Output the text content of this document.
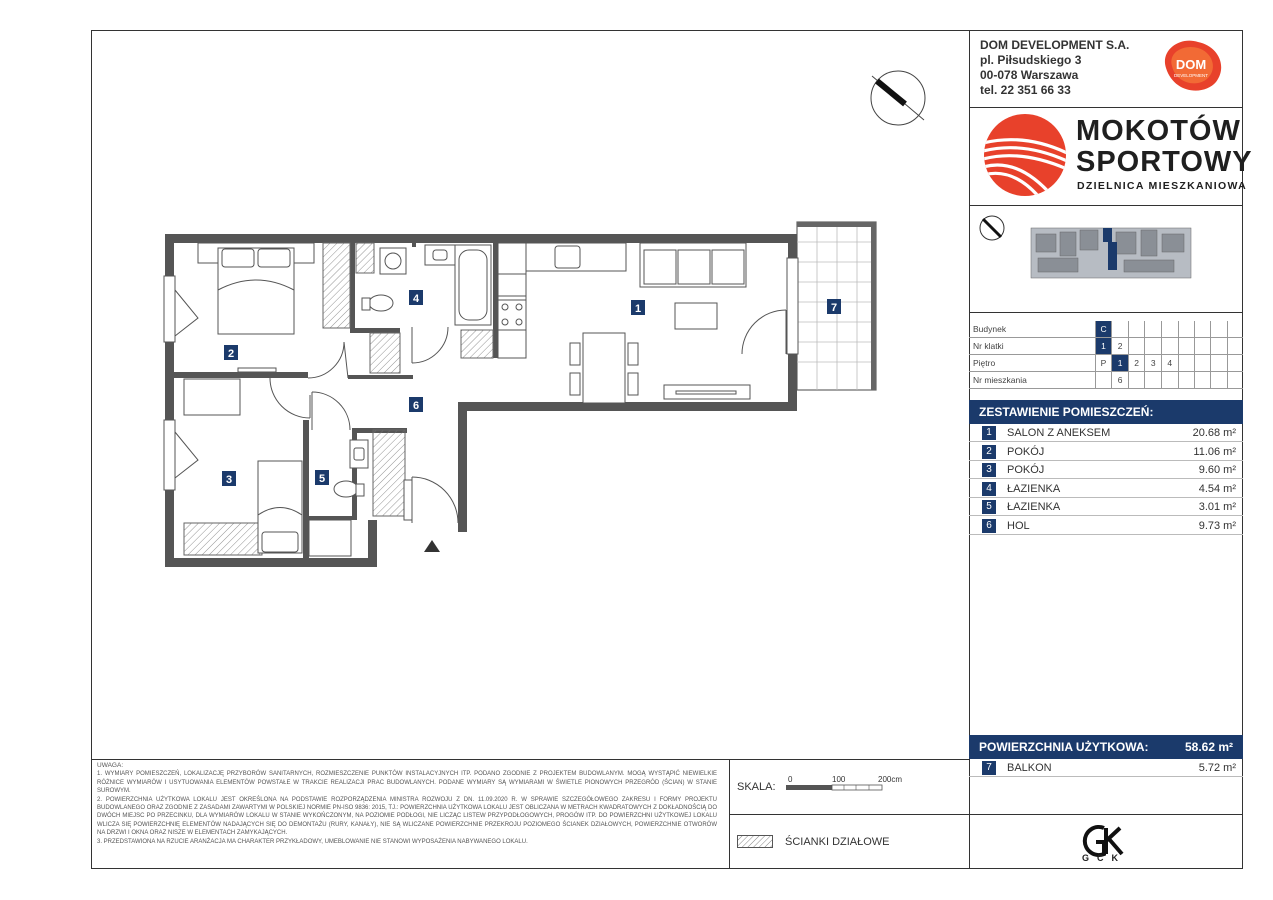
DOM DEVELOPMENT S.A.
pl. Piłsudskiego 3
00-078 Warszawa
tel. 22 351 66 33
DOM
DEVELOPMENT
MOKOTÓW
SPORTOWY
DZIELNICA MIESZKANIOWA
Budynek	C								
Nr klatki	1	2							
Piętro	P	1	2	3	4				
Nr mieszkania		6							
ZESTAWIENIE POMIESZCZEŃ:
1	SALON Z ANEKSEM	20.68 m²
2	POKÓJ	11.06 m²
3	POKÓJ	9.60 m²
4	ŁAZIENKA	4.54 m²
5	ŁAZIENKA	3.01 m²
6	HOL	9.73 m²
POWIERZCHNIA UŻYTKOWA:	58.62 m²
7	BALKON	5.72 m²

UWAGA:

1. WYMIARY POMIESZCZEŃ, LOKALIZACJĘ PRZYBORÓW SANITARNYCH, ROZMIESZCZENIE PUNKTÓW INSTALACYJNYCH ITP. PODANO ZGODNIE Z PROJEKTEM BUDOWLANYM. MOGĄ WYSTĄPIĆ NIEWIELKIE RÓŻNICE WYMIARÓW I USYTUOWANIA ELEMENTÓW POWSTAŁE W TRAKCIE REALIZACJI PRAC BUDOWLANYCH. PODANE WYMIARY SĄ WYMIARAMI W ŚWIETLE PIONOWYCH PRZEGRÓD (ŚCIAN) W STANIE SUROWYM.

2. POWIERZCHNIA UŻYTKOWA LOKALU JEST OKREŚLONA NA PODSTAWIE ROZPORZĄDZENIA MINISTRA ROZWOJU Z DN. 11.09.2020 R. W SPRAWIE SZCZEGÓŁOWEGO ZAKRESU I FORMY PROJEKTU BUDOWLANEGO ORAZ ZGODNIE Z ZASADAMI ZAWARTYMI W POLSKIEJ NORMIE PN-ISO 9836: 2015, TJ.: POWIERZCHNIA UŻYTKOWA LOKALU JEST OBLICZANA W METRACH KWADRATOWYCH Z DOKŁADNOŚCIĄ DO DWÓCH MIEJSC PO PRZECINKU, DLA WYMIARÓW LOKALU W STANIE WYKOŃCZONYM, NA POZIOMIE PODŁOGI, NIE LICZĄC LISTEW PRZYPODŁOGOWYCH, PROGÓW ITP. DO POWIERZCHNI UŻYTKOWEJ LOKALU WLICZA SIĘ POWIERZCHNIĘ ELEMENTÓW NADAJĄCYCH SIĘ DO DEMONTAŻU (RURY, KANAŁY), NIE SĄ WLICZANE POWIERZCHNIE PRZEKROJU POZIOMEGO ŚCIANEK DZIAŁOWYCH, POWIERZCHNIE OTWORÓW NA DRZWI I OKNA ORAZ NISZE W ELEMENTACH ZAMYKAJĄCYCH.

3. PRZEDSTAWIONA NA RZUCIE ARANŻACJA MA CHARAKTER PRZYKŁADOWY, UMEBLOWANIE NIE STANOWI WYPOSAŻENIA NABYWANEGO LOKALU.

SKALA:
0	100	200cm
ŚCIANKI DZIAŁOWE
GCK
1
2
3
4
5
6
7
